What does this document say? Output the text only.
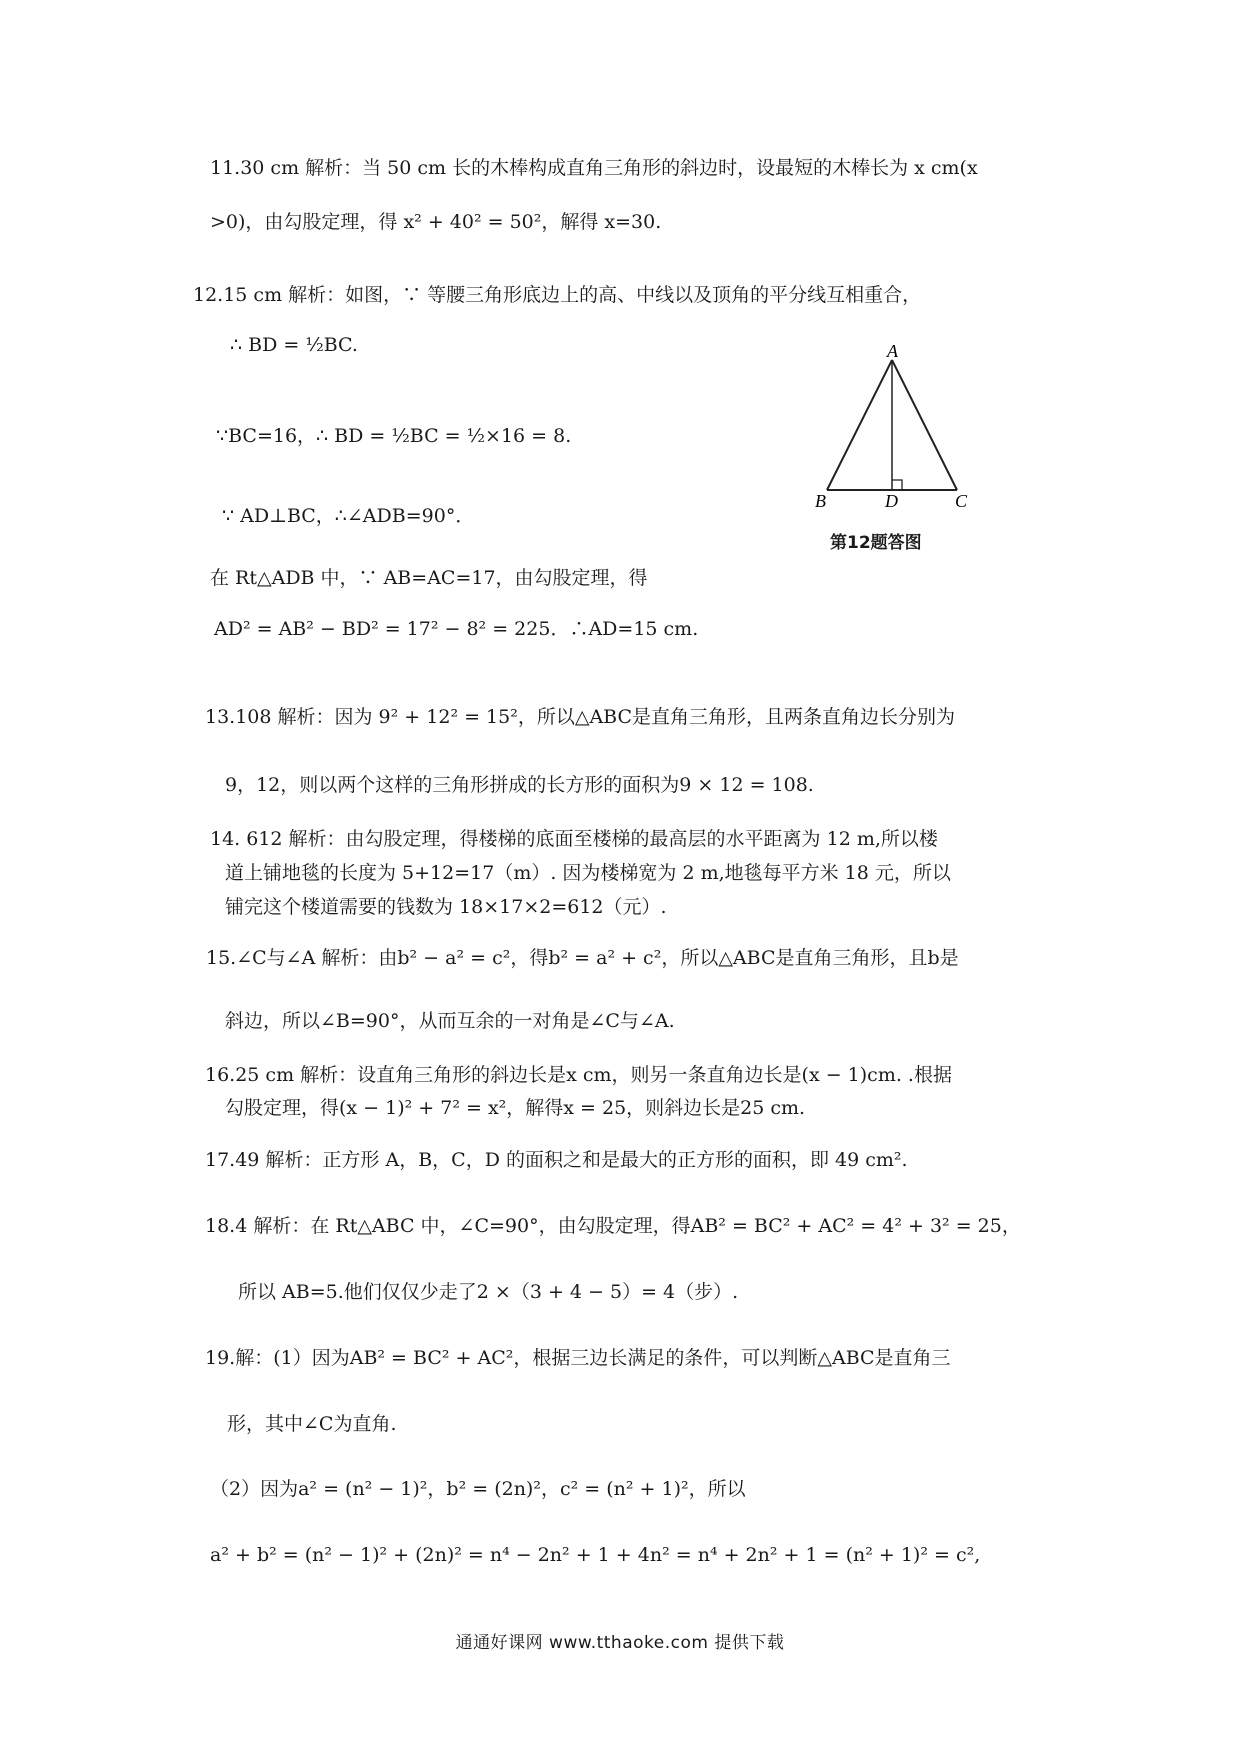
11.30 cm 解析：当 50 cm 长的木棒构成直角三角形的斜边时，设最短的木棒长为 x cm(x
>0)，由勾股定理，得 x² + 40² = 50²，解得 x=30.
12.15 cm 解析：如图，∵ 等腰三角形底边上的高、中线以及顶角的平分线互相重合，
∴ BD = ½BC.
∵BC=16，∴ BD = ½BC = ½×16 = 8.
∵ AD⊥BC，∴∠ADB=90°．
在 Rt△ADB 中，∵ AB=AC=17，由勾股定理，得
AD² = AB² − BD² = 17² − 8² = 225．∴AD=15 cm.
13.108 解析：因为 9² + 12² = 15²，所以△ABC是直角三角形，且两条直角边长分别为
9，12，则以两个这样的三角形拼成的长方形的面积为9 × 12 = 108.
14. 612 解析：由勾股定理，得楼梯的底面至楼梯的最高层的水平距离为 12 m,所以楼
道上铺地毯的长度为 5+12=17（m）. 因为楼梯宽为 2 m,地毯每平方米 18 元，所以
铺完这个楼道需要的钱数为 18×17×2=612（元）.
15.∠C与∠A 解析：由b² − a² = c²，得b² = a² + c²，所以△ABC是直角三角形，且b是
斜边，所以∠B=90°，从而互余的一对角是∠C与∠A.
16.25 cm 解析：设直角三角形的斜边长是x cm，则另一条直角边长是(x − 1)cm. .根据
勾股定理，得(x − 1)² + 7² = x²，解得x = 25，则斜边长是25 cm.
17.49 解析：正方形 A，B，C，D 的面积之和是最大的正方形的面积，即 49 cm².
18.4 解析：在 Rt△ABC 中，∠C=90°，由勾股定理，得AB² = BC² + AC² = 4² + 3² = 25，
所以 AB=5.他们仅仅少走了2 ×（3 + 4 − 5）= 4（步）.
19.解：(1）因为AB² = BC² + AC²，根据三边长满足的条件，可以判断△ABC是直角三
形，其中∠C为直角.
（2）因为a² = (n² − 1)²，b² = (2n)²，c² = (n² + 1)²，所以
a² + b² = (n² − 1)² + (2n)² = n⁴ − 2n² + 1 + 4n² = n⁴ + 2n² + 1 = (n² + 1)² = c²,
A
B	D	C
第12题答图
通通好课网 www.tthaoke.com 提供下载
